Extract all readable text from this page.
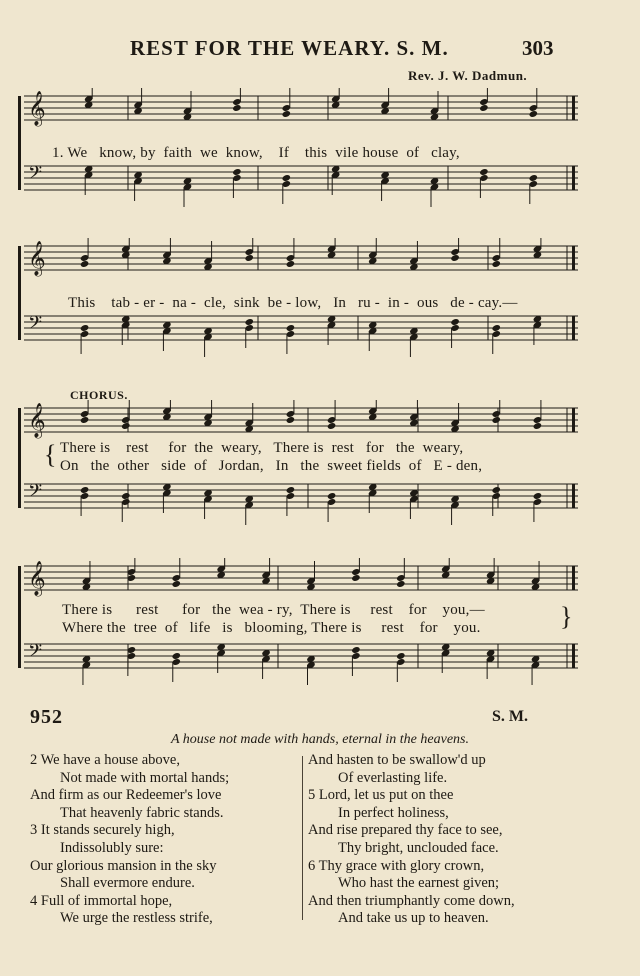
REST FOR THE WEARY. S. M.	303
Rev. J. W. Dadmun.
𝄞
𝄢
1. We   know, by  faith  we  know,    If    this  vile house  of   clay,
𝄞
𝄢
This    tab - er -  na -  cle,  sink  be - low,   In   ru -  in -  ous   de - cay.—
CHORUS.
𝄞
𝄢
{ There is    rest     for  the  weary,   There is  rest   for   the  weary,
On   the  other   side  of   Jordan,   In   the  sweet fields  of   E - den,
𝄞
𝄢
There is      rest      for   the  wea - ry,  There is     rest    for    you,—
Where the  tree  of   life   is   blooming, There is     rest    for    you.	}
952	S. M.
A house not made with hands, eternal in the heavens.
2 We have a house above,
Not made with mortal hands;
And firm as our Redeemer's love
That heavenly fabric stands.
3 It stands securely high,
Indissolubly sure:
Our glorious mansion in the sky
Shall evermore endure.
4 Full of immortal hope,
We urge the restless strife,
And hasten to be swallow'd up
Of everlasting life.
5 Lord, let us put on thee
In perfect holiness,
And rise prepared thy face to see,
Thy bright, unclouded face.
6 Thy grace with glory crown,
Who hast the earnest given;
And then triumphantly come down,
And take us up to heaven.
